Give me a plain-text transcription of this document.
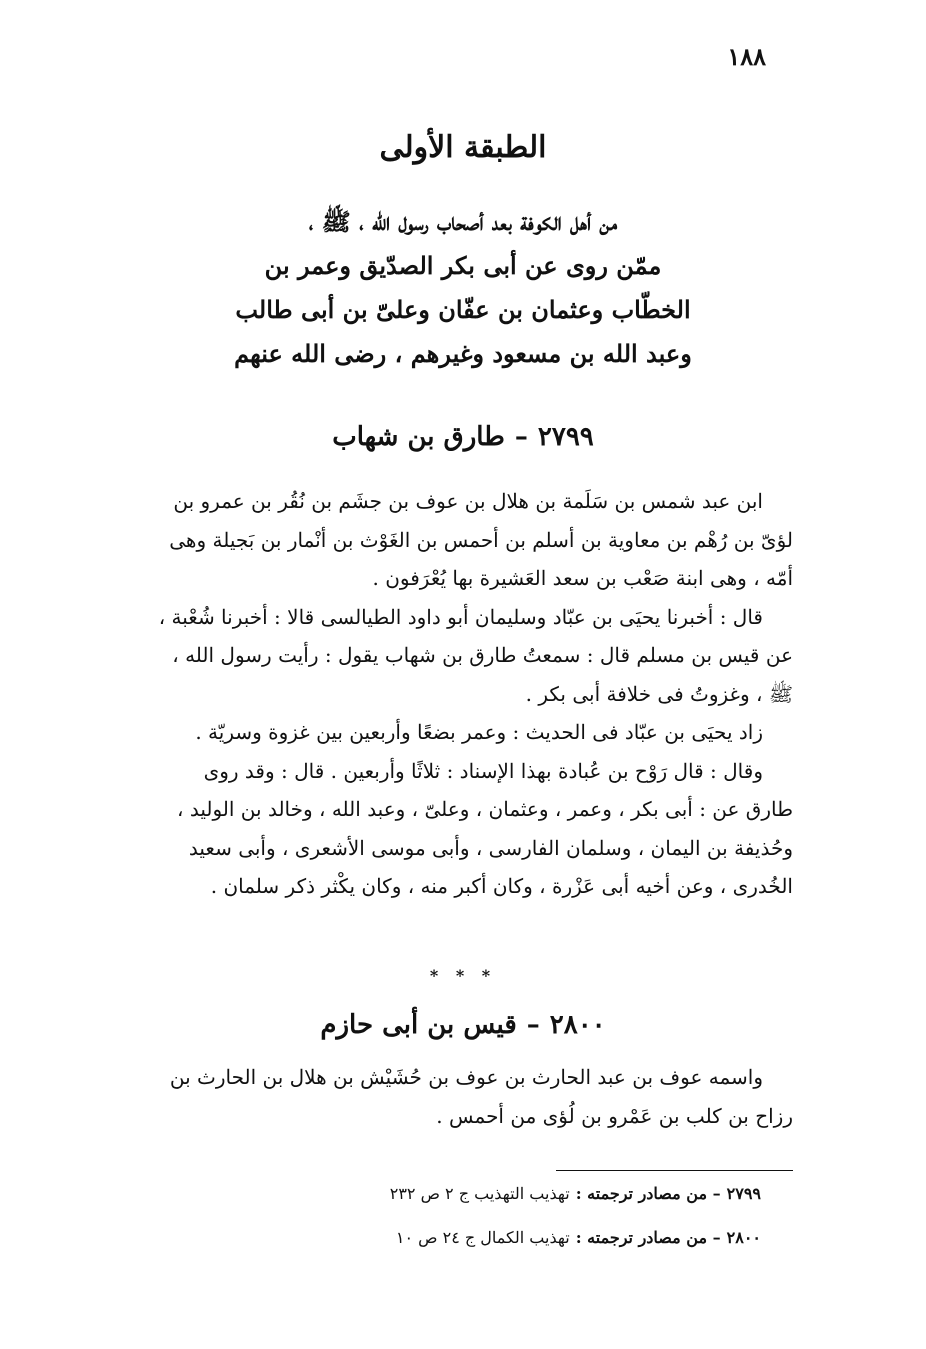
١٨٨
الطبقة الأولى
من أهل الكوفة بعد أصحاب رسول الله ، ﷺ ،
ممّن روى عن أبى بكر الصدّيق وعمر بن
الخطّاب وعثمان بن عفّان وعلىّ بن أبى طالب
وعبد الله بن مسعود وغيرهم ، رضى الله عنهم
٢٧٩٩–طارق بن شهاب
ابن عبد شمس بن سَلَمة بن هلال بن عوف بن جشَم بن نُقُر بن عمرو بن
لؤىّ بن رُهْم بن معاوية بن أسلم بن أحمس بن الغَوْث بن أنْمار بن بَجيلة وهى
أمّه ، وهى ابنة صَعْب بن سعد العَشيرة بها يُعْرَفون .
قال : أخبرنا يحيَى بن عبّاد وسليمان أبو داود الطيالسى قالا : أخبرنا شُعْبة ،
عن قيس بن مسلم قال : سمعتُ طارق بن شهاب يقول : رأيت رسول الله ،
ﷺ ، وغزوتُ فى خلافة أبى بكر .
زاد يحيَى بن عبّاد فى الحديث : وعمر بضعًا وأربعين بين غزوة وسريّة .
وقال : قال رَوْح بن عُبادة بهذا الإسناد : ثلاثًا وأربعين . قال : وقد روى
طارق عن : أبى بكر ، وعمر ، وعثمان ، وعلىّ ، وعبد الله ، وخالد بن الوليد ،
وحُذيفة بن اليمان ، وسلمان الفارسى ، وأبى موسى الأشعرى ، وأبى سعيد
الخُدرى ، وعن أخيه أبى عَزْرة ، وكان أكبر منه ، وكان يكْثر ذكر سلمان .
* * *
٢٨٠٠–قيس بن أبى حازم
واسمه عوف بن عبد الحارث بن عوف بن حُشَيْش بن هلال بن الحارث بن
رزاح بن كلب بن عَمْرو بن لُؤى من أحمس .
٢٧٩٩– من مصادر ترجمته :تهذيب التهذيب ج ٢ ص ٢٣٢
٢٨٠٠– من مصادر ترجمته :تهذيب الكمال ج ٢٤ ص ١٠
